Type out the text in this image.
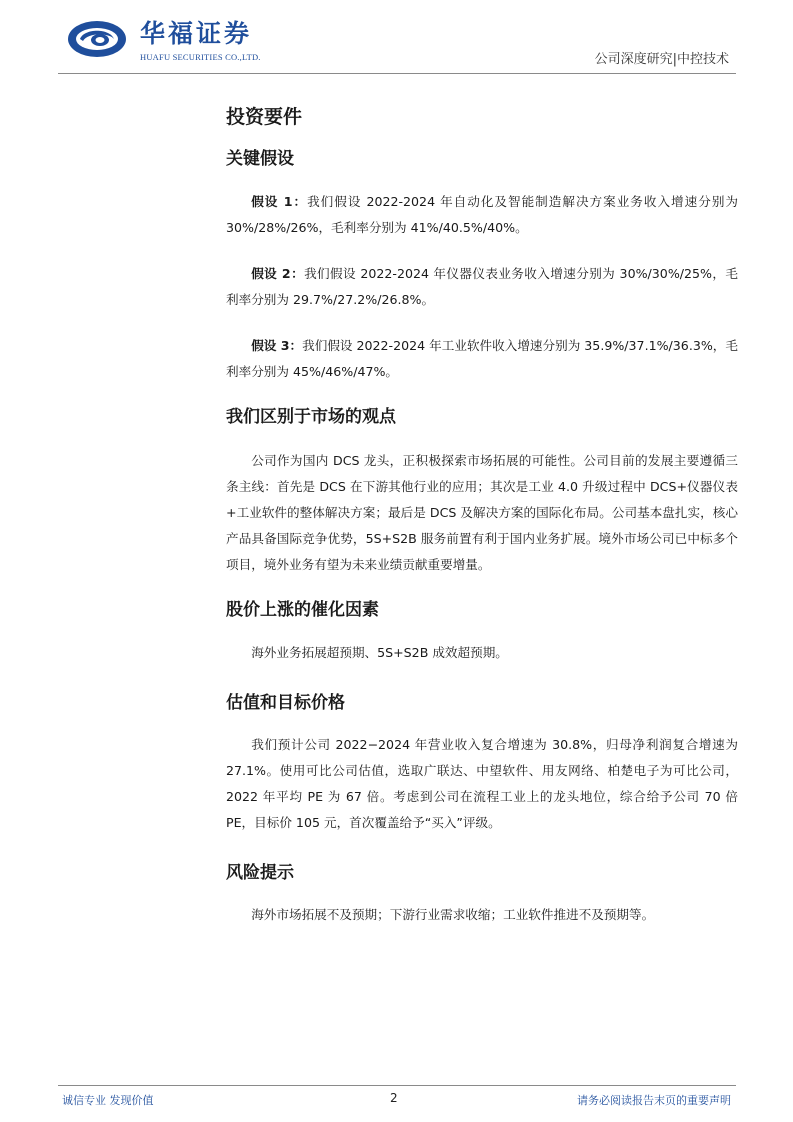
华福证券
HUAFU SECURITIES CO.,LTD.	公司深度研究|中控技术
投资要件
关键假设

假设 1：我们假设 2022-2024 年自动化及智能制造解决方案业务收入增速分别为 30%/28%/26%，毛利率分别为 41%/40.5%/40%。

假设 2：我们假设 2022-2024 年仪器仪表业务收入增速分别为 30%/30%/25%，毛利率分别为 29.7%/27.2%/26.8%。

假设 3：我们假设 2022-2024 年工业软件收入增速分别为 35.9%/37.1%/36.3%，毛利率分别为 45%/46%/47%。

我们区别于市场的观点

公司作为国内 DCS 龙头，正积极探索市场拓展的可能性。公司目前的发展主要遵循三条主线：首先是 DCS 在下游其他行业的应用；其次是工业 4.0 升级过程中 DCS+仪器仪表+工业软件的整体解决方案；最后是 DCS 及解决方案的国际化布局。公司基本盘扎实，核心产品具备国际竞争优势，5S+S2B 服务前置有利于国内业务扩展。境外市场公司已中标多个项目，境外业务有望为未来业绩贡献重要增量。

股价上涨的催化因素

海外业务拓展超预期、5S+S2B 成效超预期。

估值和目标价格

我们预计公司 2022−2024 年营业收入复合增速为 30.8%，归母净利润复合增速为 27.1%。使用可比公司估值，选取广联达、中望软件、用友网络、柏楚电子为可比公司，2022 年平均 PE 为 67 倍。考虑到公司在流程工业上的龙头地位，综合给予公司 70 倍 PE，目标价 105 元，首次覆盖给予“买入”评级。

风险提示

海外市场拓展不及预期；下游行业需求收缩；工业软件推进不及预期等。

诚信专业 发现价值	2	请务必阅读报告末页的重要声明
